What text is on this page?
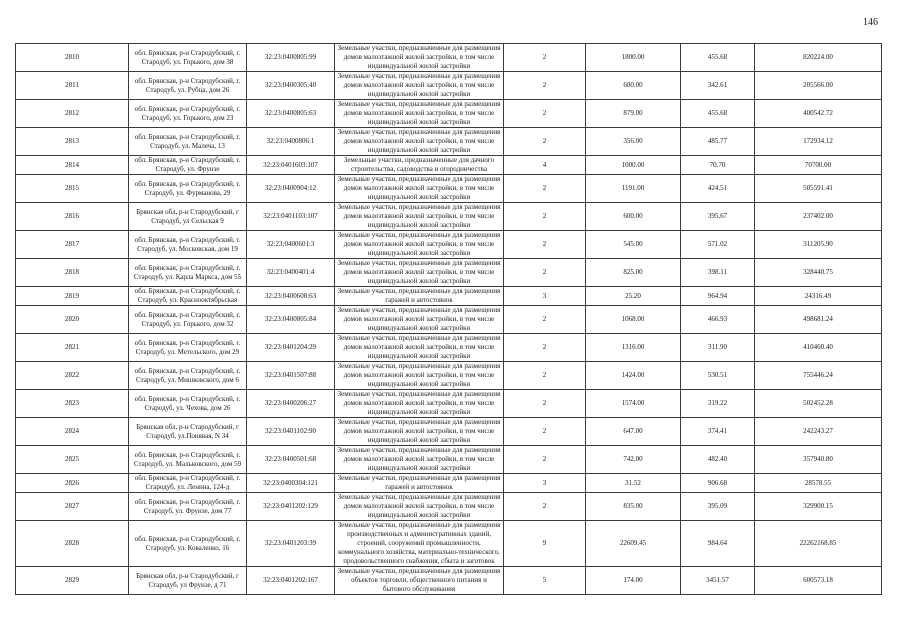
146
2810	обл. Брянская, р-н Стародубский, г. Стародуб, ул. Горького, дом 38	32:23:0400805:99	Земельные участки, предназначенные для размещения домов малоэтажной жилой застройки, в том числе индивидуальной жилой застройки	2	1800.00	455.68	820224.00
2811	обл. Брянская, р-н Стародубский, г. Стародуб, ул. Рубца, дом 26	32:23:0400305:40	Земельные участки, предназначенные для размещения домов малоэтажной жилой застройки, в том числе индивидуальной жилой застройки	2	600.00	342.61	205566.00
2812	обл. Брянская, р-н Стародубский, г. Стародуб, ул. Горького, дом 23	32:23:0400805:63	Земельные участки, предназначенные для размещения домов малоэтажной жилой застройки, в том числе индивидуальной жилой застройки	2	879.00	455.68	400542.72
2813	обл. Брянская, р-н Стародубский, г. Стародуб, ул. Малеча, 13	32:23:0400806:1	Земельные участки, предназначенные для размещения домов малоэтажной жилой застройки, в том числе индивидуальной жилой застройки	2	356.00	485.77	172934.12
2814	обл. Брянская, р-н Стародубский, г. Стародуб, ул. Фрунзе	32:23:0401603:107	Земельные участки, предназначенные для дачного строительства, садоводства и огородничества	4	1000.00	70.70	70700.00
2815	обл. Брянская, р-н Стародубский, г. Стародуб, ул. Фурманова, 29	32:23:0400904:12	Земельные участки, предназначенные для размещения домов малоэтажной жилой застройки, в том числе индивидуальной жилой застройки	2	1191.00	424.51	505591.41
2816	Брянская обл, р-н Стародубский, г Стародуб, ул Сельская 9	32:23:0401103:107	Земельные участки, предназначенные для размещения домов малоэтажной жилой застройки, в том числе индивидуальной жилой застройки	2	600.00	395.67	237402.00
2817	обл. Брянская, р-н Стародубский, г. Стародуб, ул. Московская, дом 19	32:23:0400601:3	Земельные участки, предназначенные для размещения домов малоэтажной жилой застройки, в том числе индивидуальной жилой застройки	2	545.00	571.02	311205.90
2818	обл. Брянская, р-н Стародубский, г. Стародуб, ул. Карла Маркса, дом 55	32:23:0400401:4	Земельные участки, предназначенные для размещения домов малоэтажной жилой застройки, в том числе индивидуальной жилой застройки	2	825.00	398.11	328440.75
2819	обл. Брянская, р-н Стародубский, г. Стародуб, ул. Краснооктябрьская	32:23:0400608:63	Земельные участки, предназначенные для размещения гаражей и автостоянок	3	25.20	964.94	24316.49
2820	обл. Брянская, р-н Стародубский, г. Стародуб, ул. Горького, дом 32	32:23:0400805:84	Земельные участки, предназначенные для размещения домов малоэтажной жилой застройки, в том числе индивидуальной жилой застройки	2	1068.00	466.93	498681.24
2821	обл. Брянская, р-н Стародубский, г. Стародуб, ул. Метельского, дом 29	32:23:0401204:29	Земельные участки, предназначенные для размещения домов малоэтажной жилой застройки, в том числе индивидуальной жилой застройки	2	1316.00	311.90	410460.40
2822	обл. Брянская, р-н Стародубский, г. Стародуб, ул. Мишковского, дом 6	32:23:0401507:88	Земельные участки, предназначенные для размещения домов малоэтажной жилой застройки, в том числе индивидуальной жилой застройки	2	1424.00	530.51	755446.24
2823	обл. Брянская, р-н Стародубский, г. Стародуб, ул. Чехова, дом 26	32:23:0400206:27	Земельные участки, предназначенные для размещения домов малоэтажной жилой застройки, в том числе индивидуальной жилой застройки	2	1574.00	319.22	502452.28
2824	Брянская обл, р-н Стародубский, г Стародуб, ул.Понявая, N 34	32:23:0401102:90	Земельные участки, предназначенные для размещения домов малоэтажной жилой застройки, в том числе индивидуальной жилой застройки	2	647.00	374.41	242243.27
2825	обл. Брянская, р-н Стародубский, г. Стародуб, ул. Мальковского, дом 59	32:23:0400501:68	Земельные участки, предназначенные для размещения домов малоэтажной жилой застройки, в том числе индивидуальной жилой застройки	2	742.00	482.40	357940.80
2826	обл. Брянская, р-н Стародубский, г. Стародуб, ул. Ленина, 124-д	32:23:0400304:121	Земельные участки, предназначенные для размещения гаражей и автостоянок	3	31.52	906.68	28578.55
2827	обл. Брянская, р-н Стародубский, г. Стародуб, ул. Фрунзе, дом 77	32:23:0401202:129	Земельные участки, предназначенные для размещения домов малоэтажной жилой застройки, в том числе индивидуальной жилой застройки	2	835.00	395.09	329900.15
2828	обл. Брянская, р-н Стародубский, г. Стародуб, ул. Коваленко, 16	32:23:0401203:39	Земельные участки, предназначенные для размещения производственных и административных зданий, строений, сооружений промышленности, коммунального хозяйства, материально-технического, продовольственного снабжения, сбыта и заготовок	9	22609.45	984.64	22262168.85
2829	Брянская обл, р-н Стародубский, г Стародуб, ул Фрунзе, д 71	32:23:0401202:167	Земельные участки, предназначенные для размещения объектов торговли, общественного питания и бытового обслуживания	5	174.00	3451.57	600573.18
